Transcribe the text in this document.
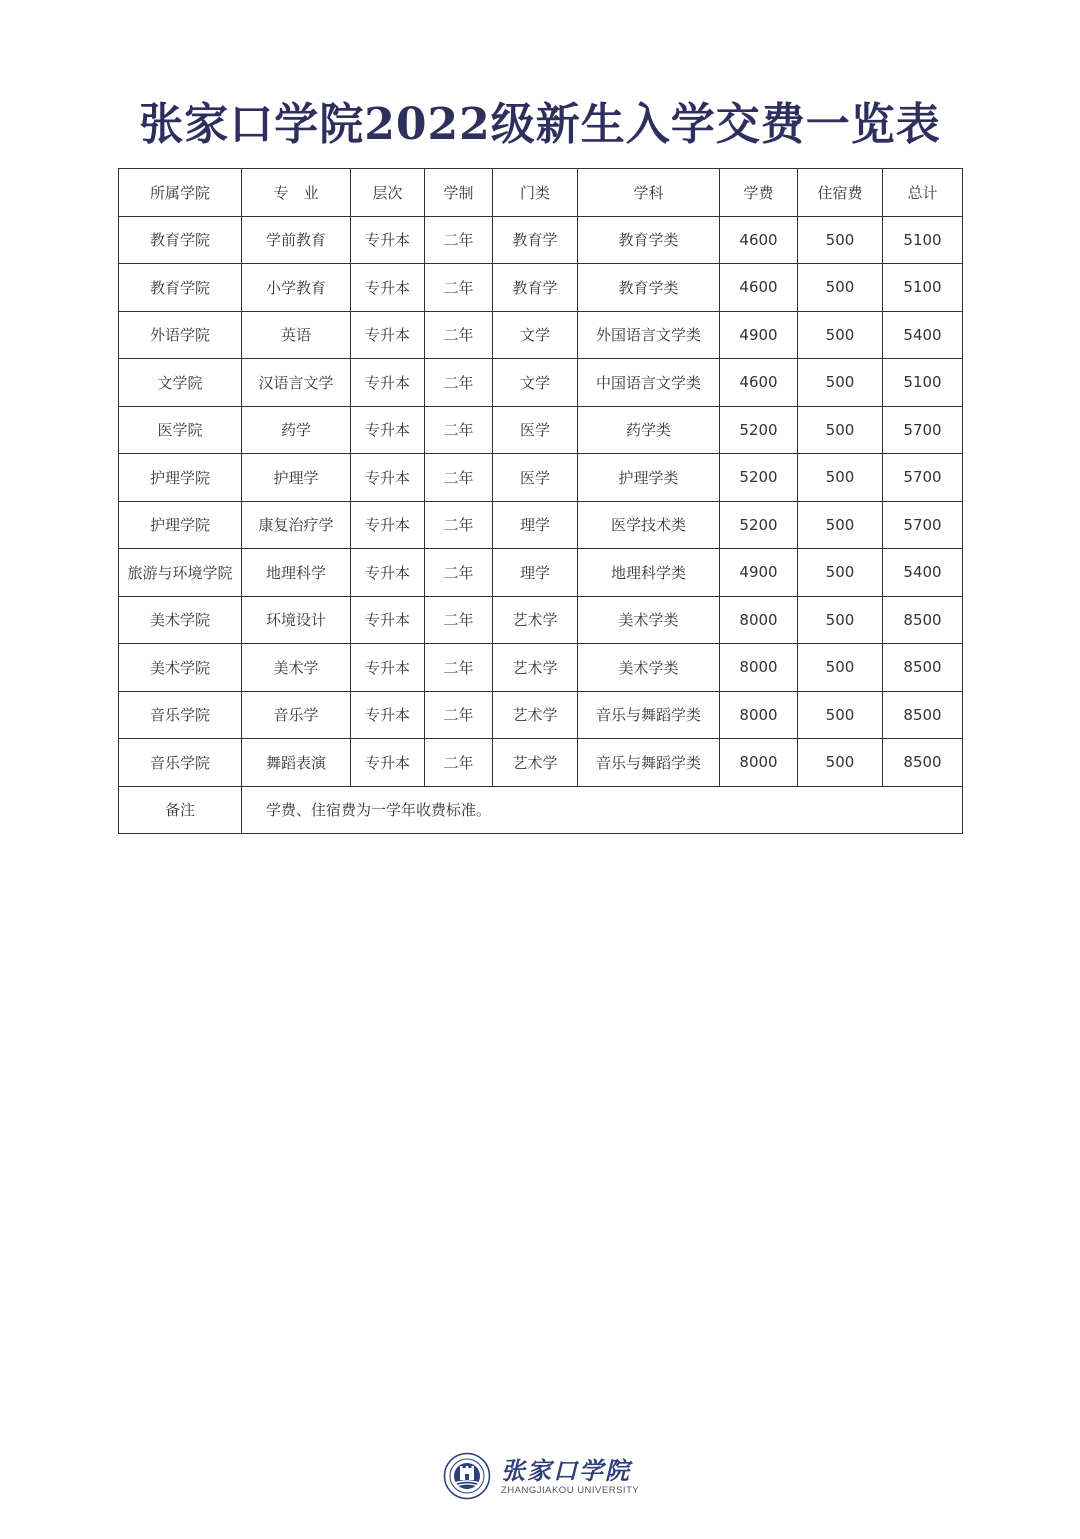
张家口学院2022级新生入学交费一览表
所属学院	专　业	层次	学制	门类	学科	学费	住宿费	总计
教育学院	学前教育	专升本	二年	教育学	教育学类	4600	500	5100
教育学院	小学教育	专升本	二年	教育学	教育学类	4600	500	5100
外语学院	英语	专升本	二年	文学	外国语言文学类	4900	500	5400
文学院	汉语言文学	专升本	二年	文学	中国语言文学类	4600	500	5100
医学院	药学	专升本	二年	医学	药学类	5200	500	5700
护理学院	护理学	专升本	二年	医学	护理学类	5200	500	5700
护理学院	康复治疗学	专升本	二年	理学	医学技术类	5200	500	5700
旅游与环境学院	地理科学	专升本	二年	理学	地理科学类	4900	500	5400
美术学院	环境设计	专升本	二年	艺术学	美术学类	8000	500	8500
美术学院	美术学	专升本	二年	艺术学	美术学类	8000	500	8500
音乐学院	音乐学	专升本	二年	艺术学	音乐与舞蹈学类	8000	500	8500
音乐学院	舞蹈表演	专升本	二年	艺术学	音乐与舞蹈学类	8000	500	8500
备注	学费、住宿费为一学年收费标准。							
张家口学院
ZHANGJIAKOU UNIVERSITY
